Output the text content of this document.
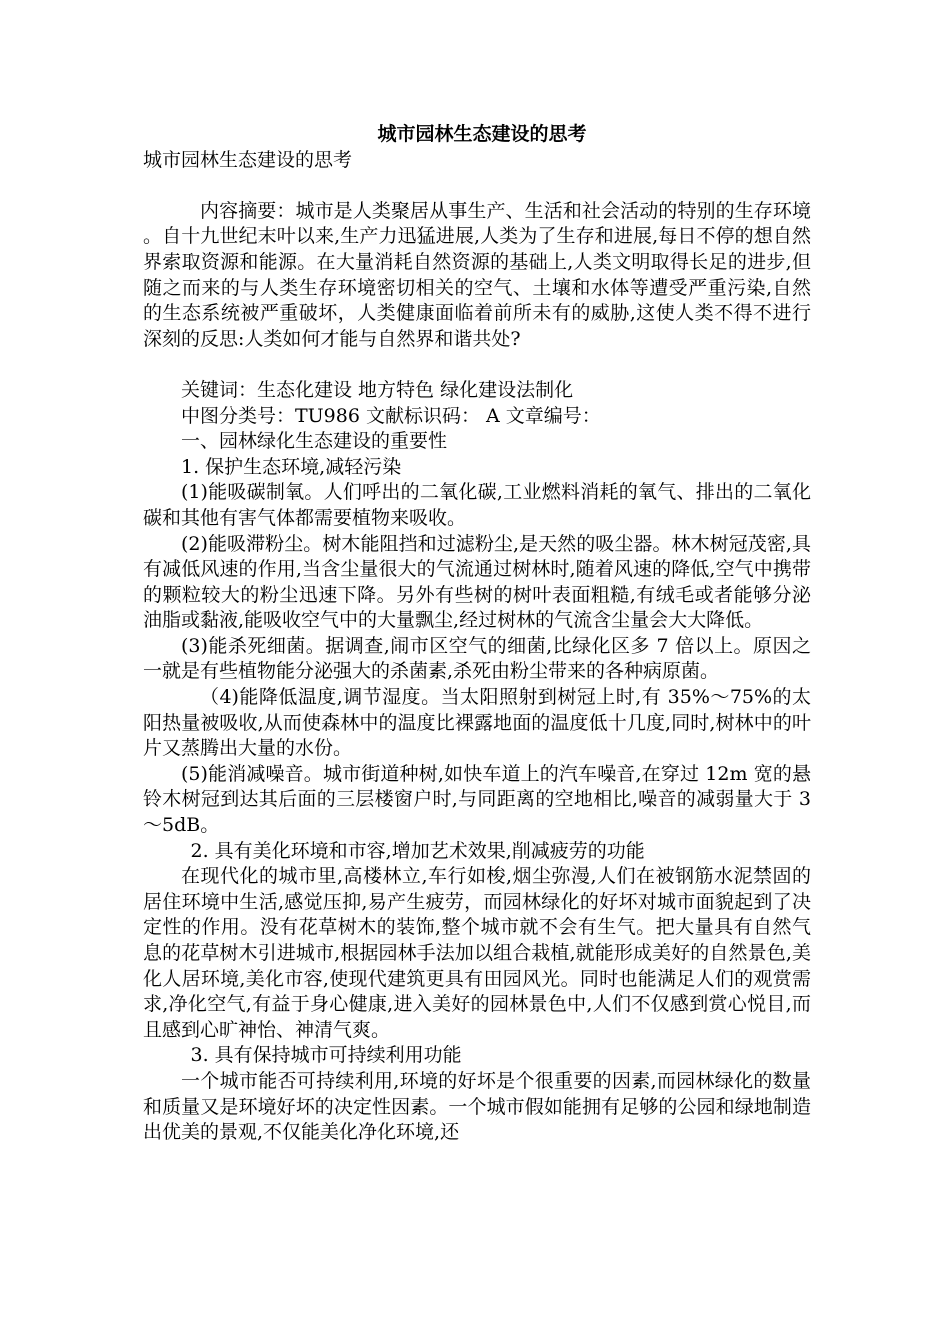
城市园林生态建设的思考

城市园林生态建设的思考

内容摘要：城市是人类聚居从事生产、生活和社会活动的特别的生存环境。自十九世纪末叶以来,生产力迅猛进展,人类为了生存和进展,每日不停的想自然界索取资源和能源。在大量消耗自然资源的基础上,人类文明取得长足的进步,但随之而来的与人类生存环境密切相关的空气、土壤和水体等遭受严重污染,自然的生态系统被严重破坏，人类健康面临着前所未有的威胁,这使人类不得不进行深刻的反思:人类如何才能与自然界和谐共处?

关键词：生态化建设 地方特色 绿化建设法制化

中图分类号：TU986 文献标识码： A 文章编号：

一、园林绿化生态建设的重要性

1. 保护生态环境,减轻污染

(1)能吸碳制氧。人们呼出的二氧化碳,工业燃料消耗的氧气、排出的二氧化碳和其他有害气体都需要植物来吸收。

(2)能吸滞粉尘。树木能阻挡和过滤粉尘,是天然的吸尘器。林木树冠茂密,具有减低风速的作用,当含尘量很大的气流通过树林时,随着风速的降低,空气中携带的颗粒较大的粉尘迅速下降。另外有些树的树叶表面粗糙,有绒毛或者能够分泌油脂或黏液,能吸收空气中的大量飘尘,经过树林的气流含尘量会大大降低。

(3)能杀死细菌。据调查,闹市区空气的细菌,比绿化区多 7 倍以上。原因之一就是有些植物能分泌强大的杀菌素,杀死由粉尘带来的各种病原菌。

（4)能降低温度,调节湿度。当太阳照射到树冠上时,有 35%～75%的太阳热量被吸收,从而使森林中的温度比裸露地面的温度低十几度,同时,树林中的叶片又蒸腾出大量的水份。

(5)能消减噪音。城市街道种树,如快车道上的汽车噪音,在穿过 12m 宽的悬铃木树冠到达其后面的三层楼窗户时,与同距离的空地相比,噪音的减弱量大于 3～5dB。

2. 具有美化环境和市容,增加艺术效果,削减疲劳的功能

在现代化的城市里,高楼林立,车行如梭,烟尘弥漫,人们在被钢筋水泥禁固的居住环境中生活,感觉压抑,易产生疲劳，而园林绿化的好坏对城市面貌起到了决定性的作用。没有花草树木的装饰,整个城市就不会有生气。把大量具有自然气息的花草树木引进城市,根据园林手法加以组合栽植,就能形成美好的自然景色,美化人居环境,美化市容,使现代建筑更具有田园风光。同时也能满足人们的观赏需求,净化空气,有益于身心健康,进入美好的园林景色中,人们不仅感到赏心悦目,而且感到心旷神怡、神清气爽。

3. 具有保持城市可持续利用功能

一个城市能否可持续利用,环境的好坏是个很重要的因素,而园林绿化的数量和质量又是环境好坏的决定性因素。一个城市假如能拥有足够的公园和绿地制造出优美的景观,不仅能美化净化环境,还
